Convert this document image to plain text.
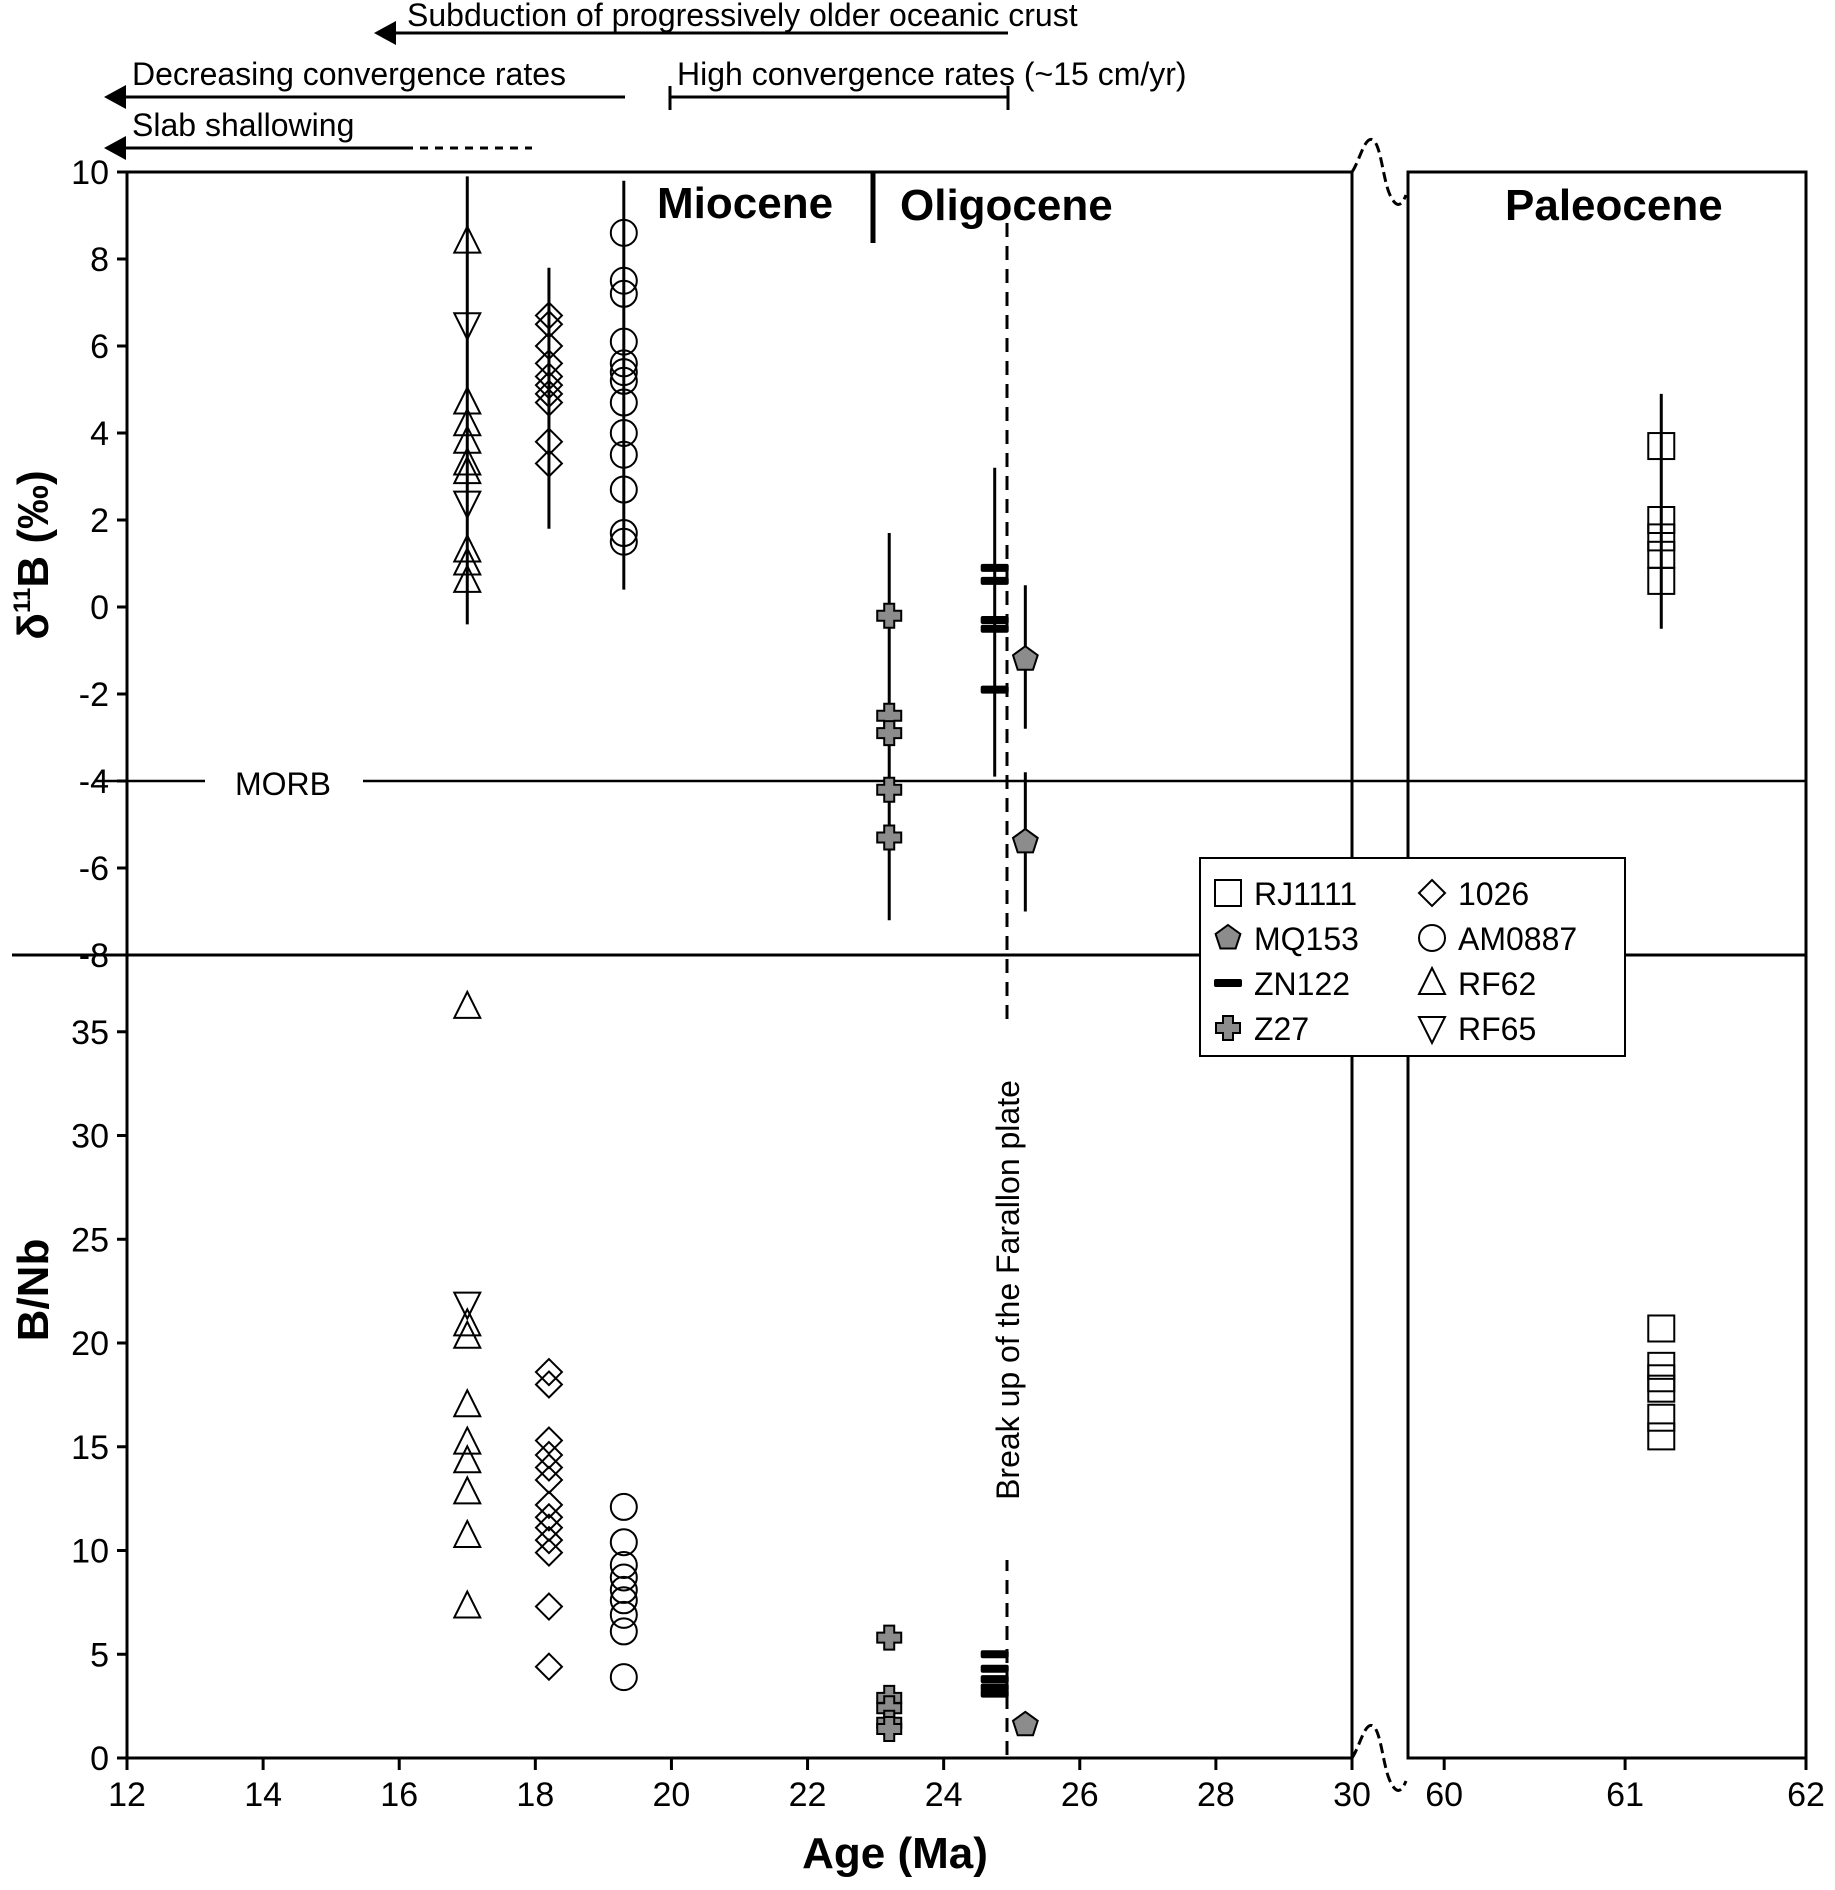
$\delta^{11}B$ (‰)
B/Nb
Age (Ma)
Subduction of progressively older oceanic crust
Decreasing convergence rates	High convergence rates (~15 cm/yr)
Slab shallowing
Miocene Oligocene	Paleocene
MORB
Break up of the Farallon plate
-8
-6
-4
-2
0
2
4
6
8
10
0
5
10
15
20
25
30
35
12	14	16	18	20	22	24	26	28	30 60	61	62
RJ1111	1026
MQ153	AM0887
ZN122	RF62
Z27	RF65
